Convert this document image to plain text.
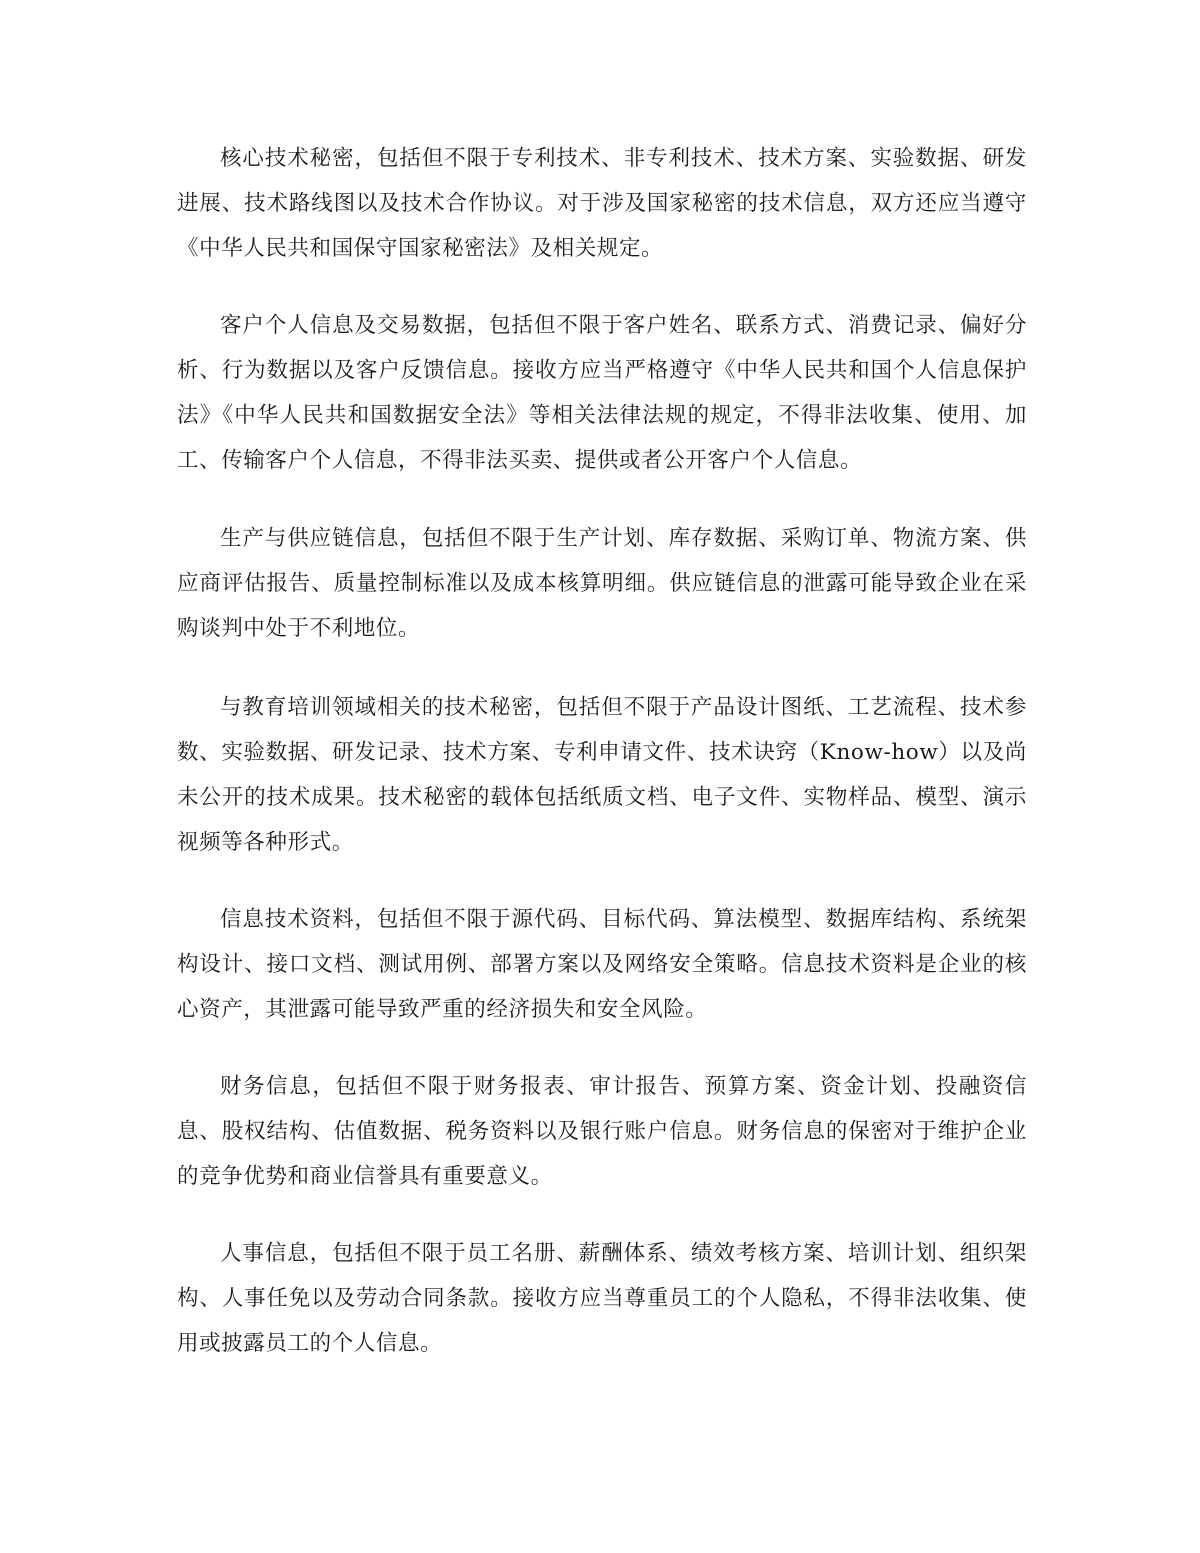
核心技术秘密，包括但不限于专利技术、非专利技术、技术方案、实验数据、研发进展、技术路线图以及技术合作协议。对于涉及国家秘密的技术信息，双方还应当遵守《中华人民共和国保守国家秘密法》及相关规定。

客户个人信息及交易数据，包括但不限于客户姓名、联系方式、消费记录、偏好分析、行为数据以及客户反馈信息。接收方应当严格遵守《中华人民共和国个人信息保护法》《中华人民共和国数据安全法》等相关法律法规的规定，不得非法收集、使用、加工、传输客户个人信息，不得非法买卖、提供或者公开客户个人信息。

生产与供应链信息，包括但不限于生产计划、库存数据、采购订单、物流方案、供应商评估报告、质量控制标准以及成本核算明细。供应链信息的泄露可能导致企业在采购谈判中处于不利地位。

与教育培训领域相关的技术秘密，包括但不限于产品设计图纸、工艺流程、技术参数、实验数据、研发记录、技术方案、专利申请文件、技术诀窍（Know-how）以及尚未公开的技术成果。技术秘密的载体包括纸质文档、电子文件、实物样品、模型、演示视频等各种形式。

信息技术资料，包括但不限于源代码、目标代码、算法模型、数据库结构、系统架构设计、接口文档、测试用例、部署方案以及网络安全策略。信息技术资料是企业的核心资产，其泄露可能导致严重的经济损失和安全风险。

财务信息，包括但不限于财务报表、审计报告、预算方案、资金计划、投融资信息、股权结构、估值数据、税务资料以及银行账户信息。财务信息的保密对于维护企业的竞争优势和商业信誉具有重要意义。

人事信息，包括但不限于员工名册、薪酬体系、绩效考核方案、培训计划、组织架构、人事任免以及劳动合同条款。接收方应当尊重员工的个人隐私，不得非法收集、使用或披露员工的个人信息。
